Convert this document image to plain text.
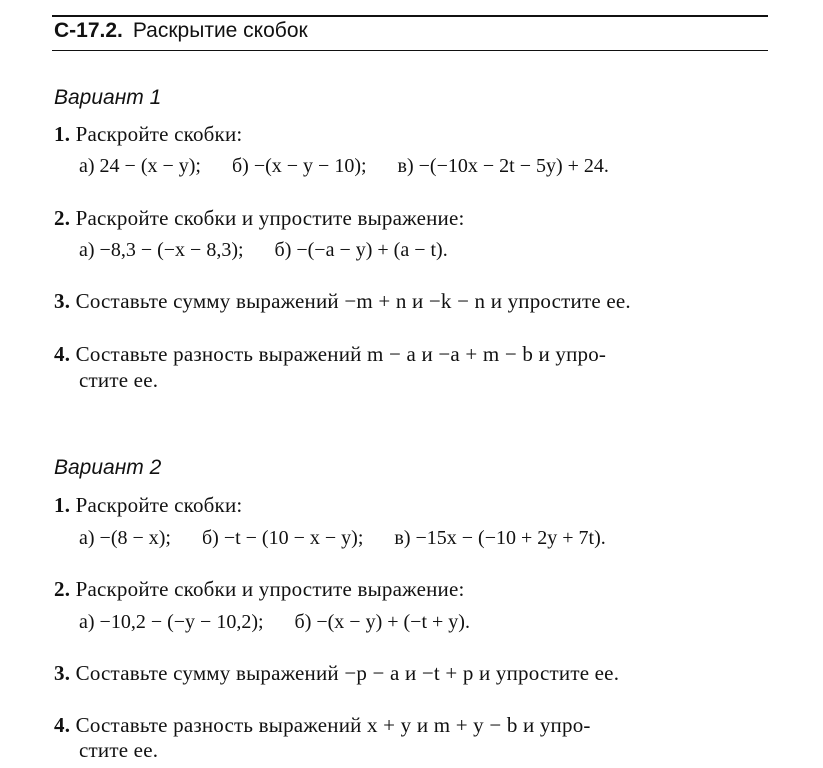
С-17.2. Раскрытие скобок
Вариант 1
1. Раскройте скобки:
а) 24 − (x − y); б) −(x − y − 10); в) −(−10x − 2t − 5y) + 24.
2. Раскройте скобки и упростите выражение:
а) −8,3 − (−x − 8,3); б) −(−a − y) + (a − t).
3. Составьте сумму выражений −m + n и −k − n и упростите ее.
4. Составьте разность выражений m − a и −a + m − b и упро-
стите ее.
Вариант 2
1. Раскройте скобки:
а) −(8 − x); б) −t − (10 − x − y); в) −15x − (−10 + 2y + 7t).
2. Раскройте скобки и упростите выражение:
а) −10,2 − (−y − 10,2); б) −(x − y) + (−t + y).
3. Составьте сумму выражений −p − a и −t + p и упростите ее.
4. Составьте разность выражений x + y и m + y − b и упро-
стите ее.
